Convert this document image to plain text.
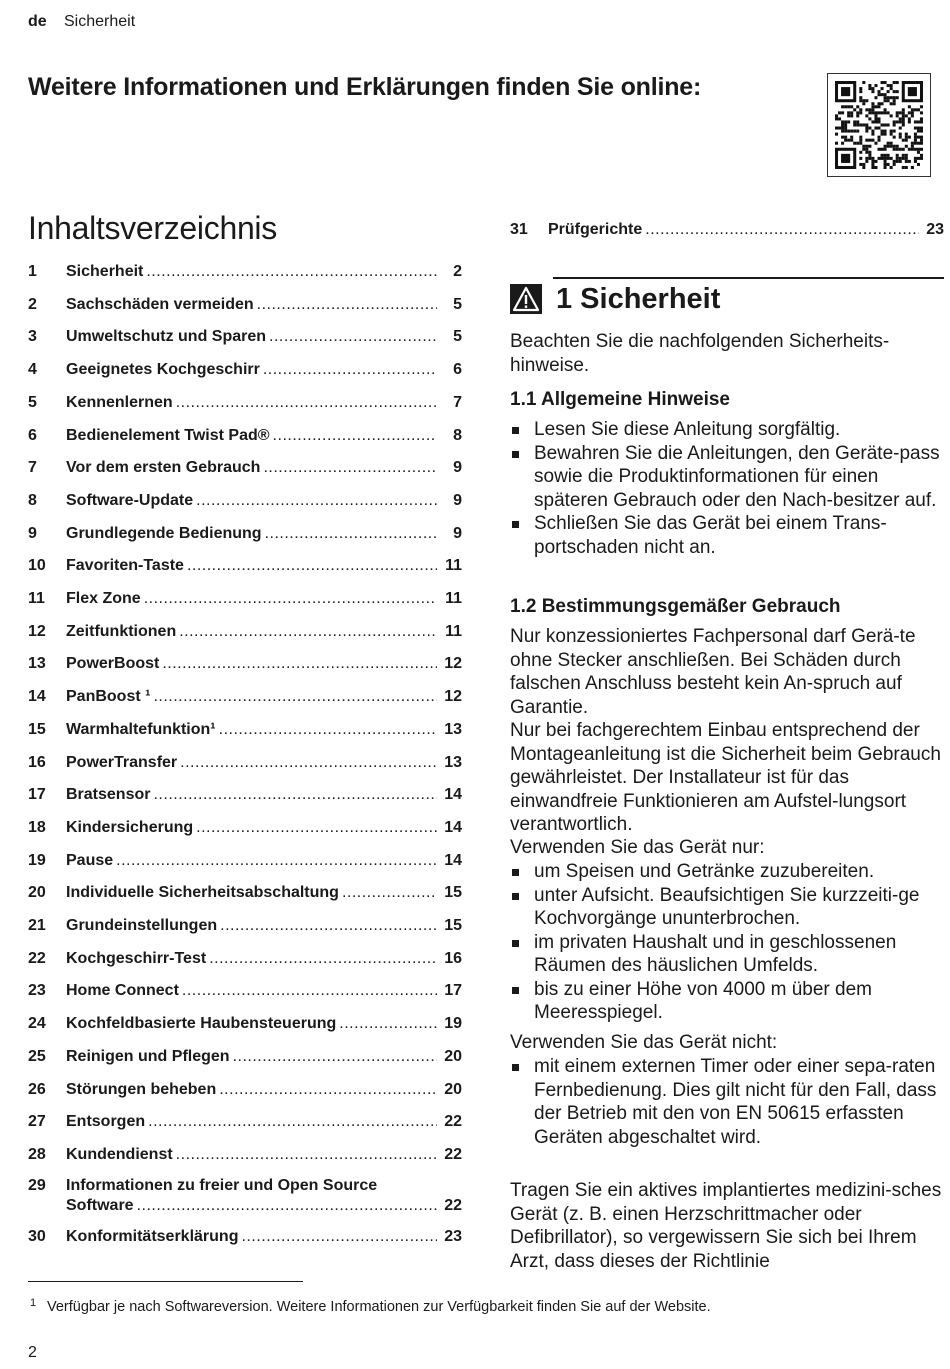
de Sicherheit
Weitere Informationen und Erklärungen finden Sie online:
Inhaltsverzeichnis
1	Sicherheit .....	2
2	Sachschäden vermeiden .....	5
3	Umweltschutz und Sparen .....	5
4	Geeignetes Kochgeschirr .....	6
5	Kennenlernen .....	7
6	Bedienelement Twist Pad® .....	8
7	Vor dem ersten Gebrauch .....	9
8	Software-Update .....	9
9	Grundlegende Bedienung .....	9
10	Favoriten-Taste .....	11
11	Flex Zone .....	11
12	Zeitfunktionen .....	11
13	PowerBoost .....	12
14	PanBoost ¹ .....	12
15	Warmhaltefunktion¹ .....	13
16	PowerTransfer .....	13
17	Bratsensor .....	14
18	Kindersicherung .....	14
19	Pause .....	14
20	Individuelle Sicherheitsabschaltung .....	15
21	Grundeinstellungen .....	15
22	Kochgeschirr-Test .....	16
23	Home Connect .....	17
24	Kochfeldbasierte Haubensteuerung .....	19
25	Reinigen und Pflegen .....	20
26	Störungen beheben .....	20
27	Entsorgen .....	22
28	Kundendienst .....	22
29	Informationen zu freier und Open Source
Software .....	22
30	Konformitätserklärung .....	23
31	Prüfgerichte .....	23
1 Sicherheit

Beachten Sie die nachfolgenden Sicherheits-hinweise.

1.1 Allgemeine Hinweise
Lesen Sie diese Anleitung sorgfältig.
Bewahren Sie die Anleitungen, den Geräte-pass sowie die Produktinformationen für einen späteren Gebrauch oder den Nach-besitzer auf.
Schließen Sie das Gerät bei einem Trans-portschaden nicht an.
1.2 Bestimmungsgemäßer Gebrauch

Nur konzessioniertes Fachpersonal darf Gerä-te ohne Stecker anschließen. Bei Schäden durch falschen Anschluss besteht kein An-spruch auf Garantie.

Nur bei fachgerechtem Einbau entsprechend der Montageanleitung ist die Sicherheit beim Gebrauch gewährleistet. Der Installateur ist für das einwandfreie Funktionieren am Aufstel-lungsort verantwortlich.

Verwenden Sie das Gerät nur:

um Speisen und Getränke zuzubereiten.
unter Aufsicht. Beaufsichtigen Sie kurzzeiti-ge Kochvorgänge ununterbrochen.
im privaten Haushalt und in geschlossenen Räumen des häuslichen Umfelds.
bis zu einer Höhe von 4000 m über dem Meeresspiegel.

Verwenden Sie das Gerät nicht:

mit einem externen Timer oder einer sepa-raten Fernbedienung. Dies gilt nicht für den Fall, dass der Betrieb mit den von EN 50615 erfassten Geräten abgeschaltet wird.

Tragen Sie ein aktives implantiertes medizini-sches Gerät (z. B. einen Herzschrittmacher oder Defibrillator), so vergewissern Sie sich bei Ihrem Arzt, dass dieses der Richtlinie

1 Verfügbar je nach Softwareversion. Weitere Informationen zur Verfügbarkeit finden Sie auf der Website.
2
